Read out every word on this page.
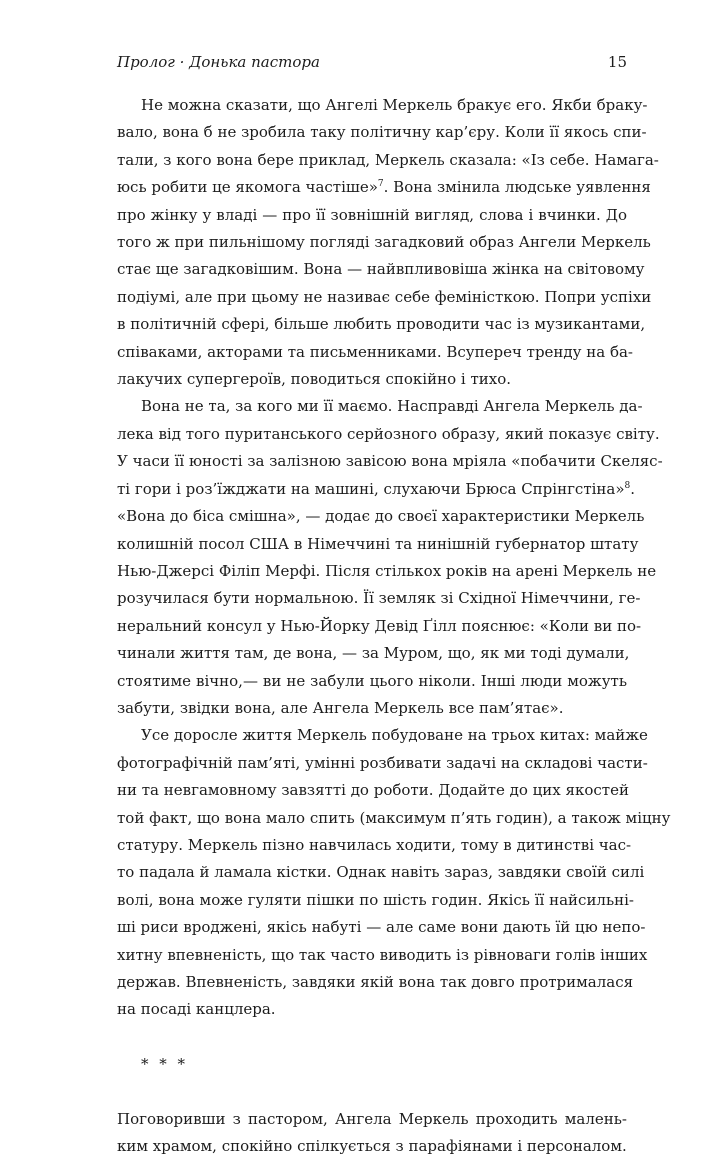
Пролог · Донька пастора	15
Не можна сказати, що Ангелі Меркель бракує его. Якби браку-
вало, вона б не зробила таку політичну кар’єру. Коли її якось спи-
тали, з кого вона бере приклад, Меркель сказала: «Із себе. Намага-
юсь робити це якомога частіше»$^7$. Вона змінила людське уявлення
про жінку у владі — про її зовнішній вигляд, слова і вчинки. До
того ж при пильнішому погляді загадковий образ Ангели Меркель
стає ще загадковішим. Вона — найвпливовіша жінка на світовому
подіумі, але при цьому не називає себе феміністкою. Попри успіхи
в політичній сфері, більше любить проводити час із музикантами,
співаками, акторами та письменниками. Всупереч тренду на ба-
лакучих супергероїв, поводиться спокійно і тихо.
Вона не та, за кого ми її маємо. Насправді Ангела Меркель да-
лека від того пуританського серйозного образу, який показує світу.
У часи її юності за залізною завісою вона мріяла «побачити Скеляс-
ті гори і роз’їжджати на машині, слухаючи Брюса Спрінгстіна»$^8$.
«Вона до біса смішна», — додає до своєї характеристики Меркель
колишній посол США в Німеччині та нинішній губернатор штату
Нью-Джерсі Філіп Мерфі. Після стількох років на арені Меркель не
розучилася бути нормальною. Її земляк зі Східної Німеччини, ге-
неральний консул у Нью-Йорку Девід Ґілл пояснює: «Коли ви по-
чинали життя там, де вона, — за Муром, що, як ми тоді думали,
стоятиме вічно,— ви не забули цього ніколи. Інші люди можуть
забути, звідки вона, але Ангела Меркель все пам’ятає».
Усе доросле життя Меркель побудоване на трьох китах: майже
фотографічній пам’яті, умінні розбивати задачі на складові части-
ни та невгамовному завзятті до роботи. Додайте до цих якостей
той факт, що вона мало спить (максимум п’ять годин), а також міцну
статуру. Меркель пізно навчилась ходити, тому в дитинстві час-
то падала й ламала кістки. Однак навіть зараз, завдяки своїй силі
волі, вона може гуляти пішки по шість годин. Якісь її найсильні-
ші риси вроджені, якісь набуті — але саме вони дають їй цю непо-
хитну впевненість, що так часто виводить із рівноваги голів інших
держав. Впевненість, завдяки якій вона так довго протрималася
на посаді канцлера.
* * *
Поговоривши з пастором, Ангела Меркель проходить малень-
ким храмом, спокійно спілкується з парафіянами і персоналом.
